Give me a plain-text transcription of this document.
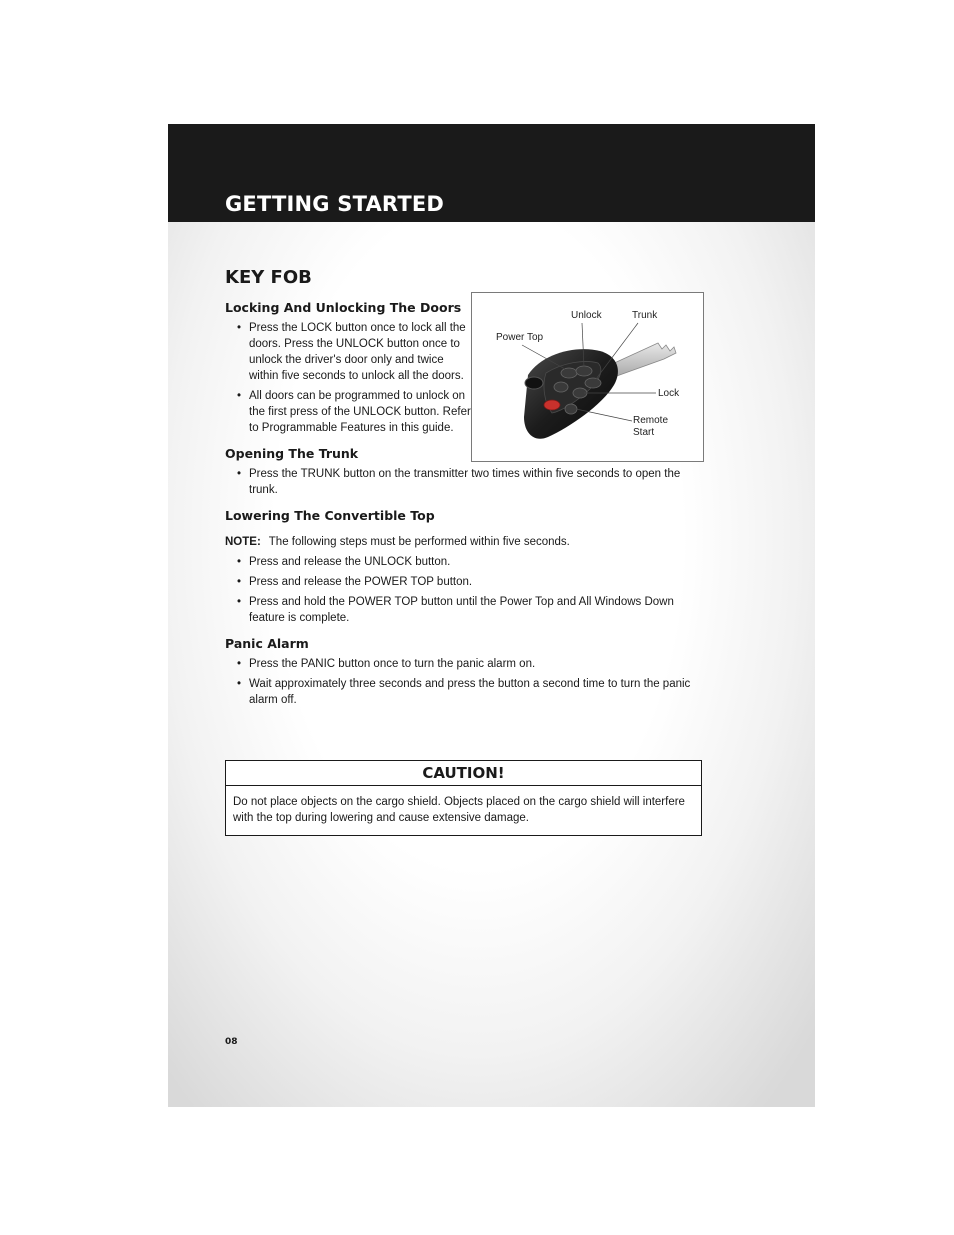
GETTING STARTED
KEY FOB
Locking And Unlocking The Doors
• Press the LOCK button once to lock all the doors. Press the UNLOCK button once to unlock the driver's door only and twice within five seconds to unlock all the doors.
• All doors can be programmed to unlock on the first press of the UNLOCK button. Refer to Programmable Features in this guide.
Opening The Trunk
• Press the TRUNK button on the transmitter two times within five seconds to open the trunk.
Lowering The Convertible Top
NOTE: The following steps must be performed within five seconds.
• Press and release the UNLOCK button.
• Press and release the POWER TOP button.
• Press and hold the POWER TOP button until the Power Top and All Windows Down feature is complete.
Panic Alarm
• Press the PANIC button once to turn the panic alarm on.
• Wait approximately three seconds and press the button a second time to turn the panic alarm off.
Unlock	Trunk
Power Top
Lock
Remote
Start
CAUTION!
Do not place objects on the cargo shield. Objects placed on the cargo shield will interfere with the top during lowering and cause extensive damage.
08
